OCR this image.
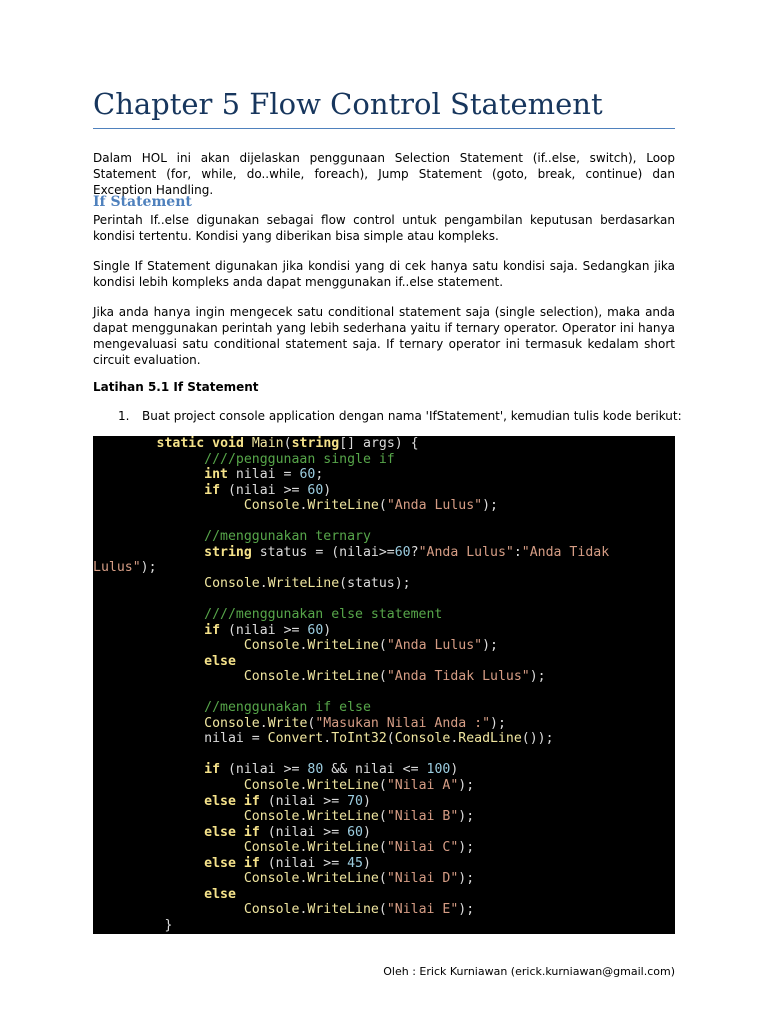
Chapter 5 Flow Control Statement

Dalam HOL ini akan dijelaskan penggunaan Selection Statement (if..else, switch), Loop Statement (for, while, do..while, foreach), Jump Statement (goto, break, continue) dan Exception Handling.

If Statement

Perintah If..else digunakan sebagai flow control untuk pengambilan keputusan berdasarkan kondisi tertentu. Kondisi yang diberikan bisa simple atau kompleks.

Single If Statement digunakan jika kondisi yang di cek hanya satu kondisi saja. Sedangkan jika kondisi lebih kompleks anda dapat menggunakan if..else statement.

Jika anda hanya ingin mengecek satu conditional statement saja (single selection), maka anda dapat menggunakan perintah yang lebih sederhana yaitu if ternary operator. Operator ini hanya mengevaluasi satu conditional statement saja. If ternary operator ini termasuk kedalam short circuit evaluation.

Latihan 5.1 If Statement
1. Buat project console application dengan nama 'IfStatement', kemudian tulis kode berikut:
static void Main(string[] args) {
////penggunaan single if
int nilai = 60;
if (nilai >= 60)
Console.WriteLine("Anda Lulus");

//menggunakan ternary
string status = (nilai>=60?"Anda Lulus":"Anda Tidak
Lulus");
Console.WriteLine(status);

////menggunakan else statement
if (nilai >= 60)
Console.WriteLine("Anda Lulus");
else
Console.WriteLine("Anda Tidak Lulus");

//menggunakan if else
Console.Write("Masukan Nilai Anda :");
nilai = Convert.ToInt32(Console.ReadLine());

if (nilai >= 80 && nilai <= 100)
Console.WriteLine("Nilai A");
else if (nilai >= 70)
Console.WriteLine("Nilai B");
else if (nilai >= 60)
Console.WriteLine("Nilai C");
else if (nilai >= 45)
Console.WriteLine("Nilai D");
else
Console.WriteLine("Nilai E");
}
Oleh : Erick Kurniawan (erick.kurniawan@gmail.com)
